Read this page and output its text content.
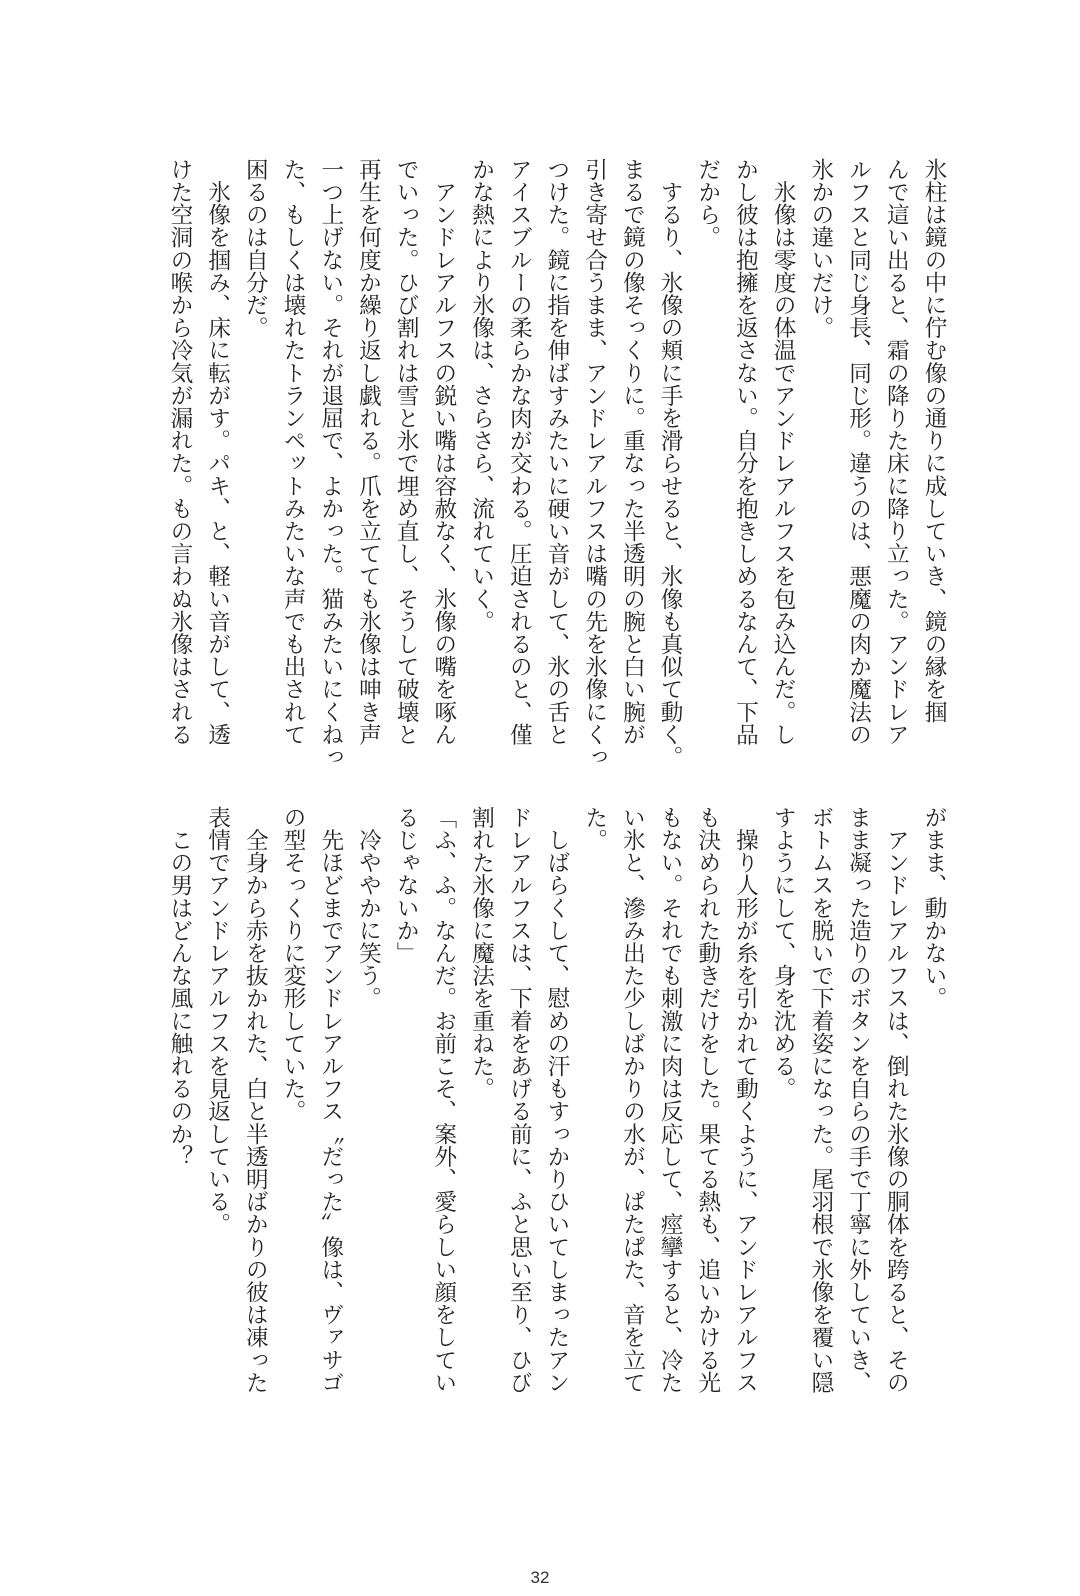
氷柱は鏡の中に佇む像の通りに成していき、鏡の縁を掴
んで這い出ると、霜の降りた床に降り立った。アンドレア
ルフスと同じ身長、同じ形。違うのは、悪魔の肉か魔法の
氷かの違いだけ。
　氷像は零度の体温でアンドレアルフスを包み込んだ。し
かし彼は抱擁を返さない。自分を抱きしめるなんて、下品
だから。
　するり、氷像の頬に手を滑らせると、氷像も真似て動く。
まるで鏡の像そっくりに。重なった半透明の腕と白い腕が
引き寄せ合うまま、アンドレアルフスは嘴の先を氷像にくっ
つけた。鏡に指を伸ばすみたいに硬い音がして、氷の舌と
アイスブルーの柔らかな肉が交わる。圧迫されるのと、僅
かな熱により氷像は、さらさら、流れていく。
　アンドレアルフスの鋭い嘴は容赦なく、氷像の嘴を啄ん
でいった。ひび割れは雪と氷で埋め直し、そうして破壊と
再生を何度か繰り返し戯れる。爪を立てても氷像は呻き声
一つ上げない。それが退屈で、よかった。猫みたいにくねっ
た、もしくは壊れたトランペットみたいな声でも出されて
困るのは自分だ。
　氷像を掴み、床に転がす。パキ、と、軽い音がして、透
けた空洞の喉から冷気が漏れた。もの言わぬ氷像はされる
がまま、動かない。
　アンドレアルフスは、倒れた氷像の胴体を跨ると、その
まま凝った造りのボタンを自らの手で丁寧に外していき、
ボトムスを脱いで下着姿になった。尾羽根で氷像を覆い隠
すようにして、身を沈める。
　操り人形が糸を引かれて動くように、アンドレアルフス
も決められた動きだけをした。果てる熱も、追いかける光
もない。それでも刺激に肉は反応して、痙攣すると、冷た
い氷と、滲み出た少しばかりの水が、ぱたぱた、音を立て
た。
　しばらくして、慰めの汗もすっかりひいてしまったアン
ドレアルフスは、下着をあげる前に、ふと思い至り、ひび
割れた氷像に魔法を重ねた。
「ふ、ふ。なんだ。お前こそ、案外、愛らしい顔をしてい
るじゃないか」
　冷ややかに笑う。
　先ほどまでアンドレアルフス〝だった〟像は、ヴァサゴ
の型そっくりに変形していた。
　全身から赤を抜かれた、白と半透明ばかりの彼は凍った
表情でアンドレアルフスを見返している。
　この男はどんな風に触れるのか？
32
